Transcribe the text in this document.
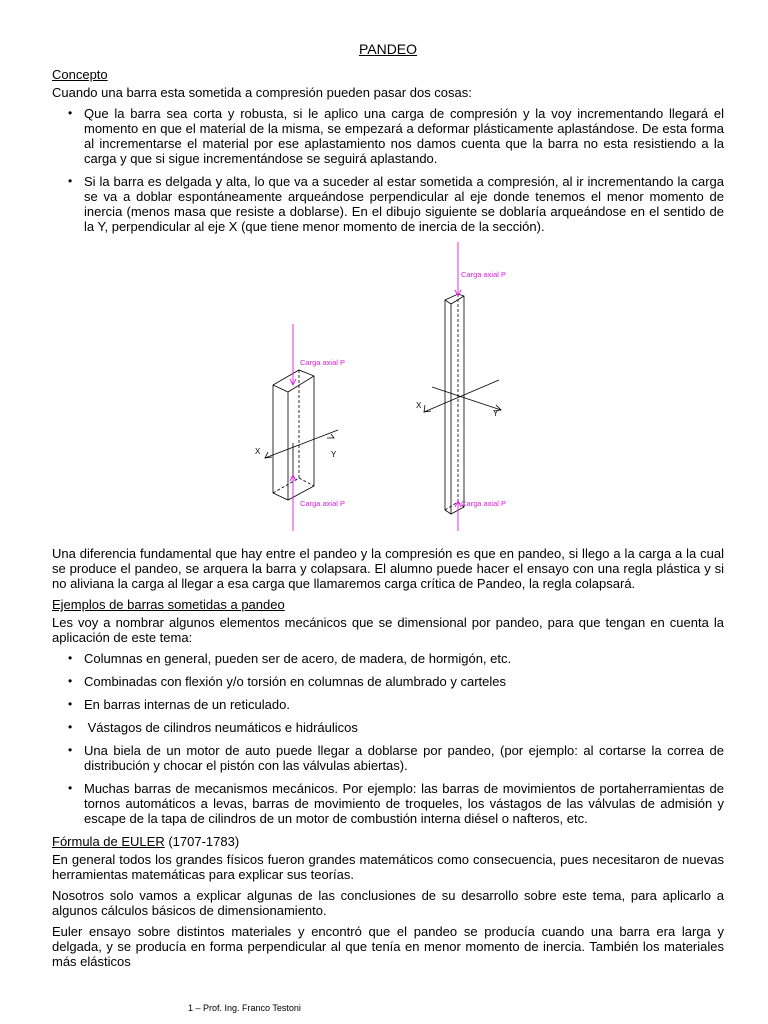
PANDEO
Concepto

Cuando una barra esta sometida a compresión pueden pasar dos cosas:

• Que la barra sea corta y robusta, si le aplico una carga de compresión y la voy incrementando llegará el momento en que el material de la misma, se empezará a deformar plásticamente aplastándose. De esta forma al incrementarse el material por ese aplastamiento nos damos cuenta que la barra no esta resistiendo a la carga y que si sigue incrementándose se seguirá aplastando.
• Si la barra es delgada y alta, lo que va a suceder al estar sometida a compresión, al ir incrementando la carga se va a doblar espontáneamente arqueándose perpendicular al eje donde tenemos el menor momento de inercia (menos masa que resiste a doblarse). En el dibujo siguiente se doblaría arqueándose en el sentido de la Y, perpendicular al eje X (que tiene menor momento de inercia de la sección).
Carga axial P
Carga axial P
Carga axial P
Carga axial P
X	Y
X
Y

Una diferencia fundamental que hay entre el pandeo y la compresión es que en pandeo, si llego a la carga a la cual se produce el pandeo, se arquera la barra y colapsara. El alumno puede hacer el ensayo con una regla plástica y si no aliviana la carga al llegar a esa carga que llamaremos carga crítica de Pandeo, la regla colapsará.

Ejemplos de barras sometidas a pandeo

Les voy a nombrar algunos elementos mecánicos que se dimensional por pandeo, para que tengan en cuenta la aplicación de este tema:

• Columnas en general, pueden ser de acero, de madera, de hormigón, etc.
• Combinadas con flexión y/o torsión en columnas de alumbrado y carteles
• En barras internas de un reticulado.
•  Vástagos de cilindros neumáticos e hidráulicos
• Una biela de un motor de auto puede llegar a doblarse por pandeo, (por ejemplo: al cortarse la correa de distribución y chocar el pistón con las válvulas abiertas).
• Muchas barras de mecanismos mecánicos. Por ejemplo: las barras de movimientos de portaherramientas de tornos automáticos a levas, barras de movimiento de troqueles, los vástagos de las válvulas de admisión y escape de la tapa de cilindros de un motor de combustión interna diésel o nafteros, etc.
Fórmula de EULER (1707-1783)

En general todos los grandes físicos fueron grandes matemáticos como consecuencia, pues necesitaron de nuevas herramientas matemáticas para explicar sus teorías.

Nosotros solo vamos a explicar algunas de las conclusiones de su desarrollo sobre este tema, para aplicarlo a algunos cálculos básicos de dimensionamiento.

Euler ensayo sobre distintos materiales y encontró que el pandeo se producía cuando una barra era larga y delgada, y se producía en forma perpendicular al que tenía en menor momento de inercia. También los materiales más elásticos

1 – Prof. Ing. Franco Testoni
